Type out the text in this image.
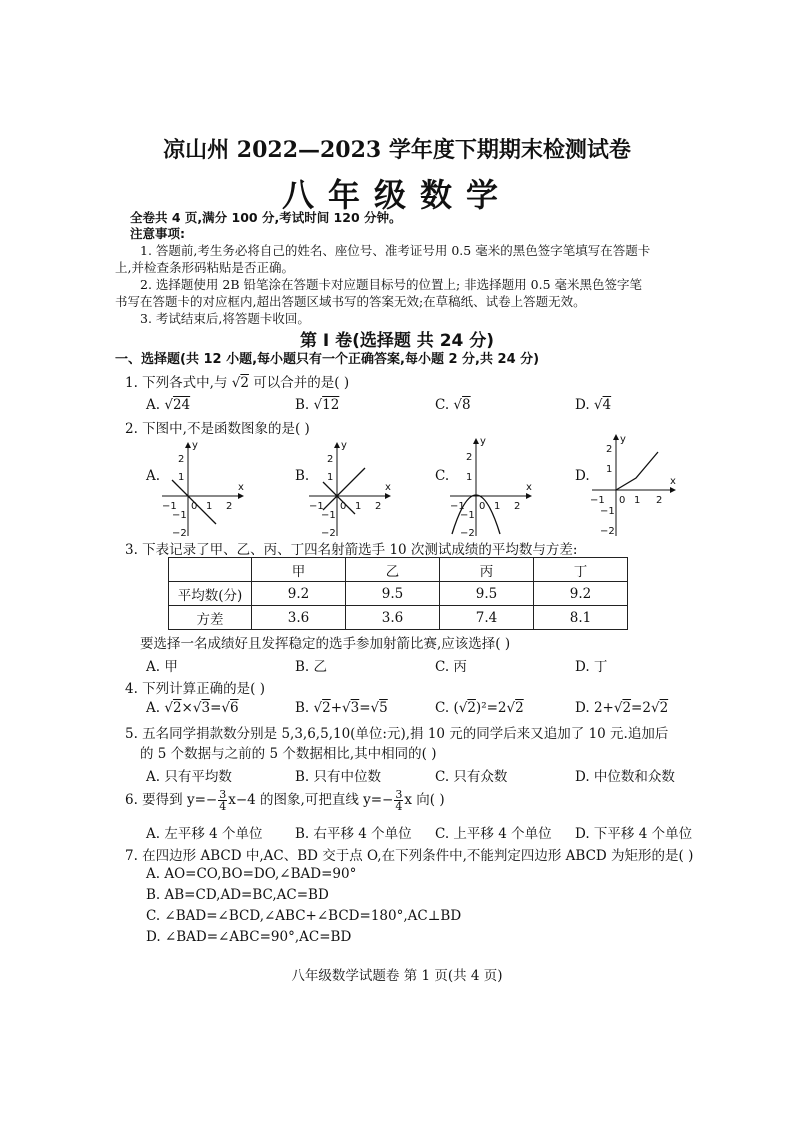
凉山州 2022—2023 学年度下期期末检测试卷
八年级数学
全卷共 4 页,满分 100 分,考试时间 120 分钟。
注意事项:
1. 答题前,考生务必将自己的姓名、座位号、准考证号用 0.5 毫米的黑色签字笔填写在答题卡
上,并检查条形码粘贴是否正确。
2. 选择题使用 2B 铅笔涂在答题卡对应题目标号的位置上; 非选择题用 0.5 毫米黑色签字笔
书写在答题卡的对应框内,超出答题区域书写的答案无效;在草稿纸、试卷上答题无效。
3. 考试结束后,将答题卡收回。
第 Ⅰ 卷(选择题 共 24 分)
一、选择题(共 12 小题,每小题只有一个正确答案,每小题 2 分,共 24 分)
1. 下列各式中,与 √2 可以合并的是( )
A. √24	B. √12	C. √8	D. √4
2. 下图中,不是函数图象的是( )
A.	B.	C.	D.
x
y
0 1 2
−1
1
2
−1
−2
x
y
0 1 2
−1
1
2
−1
−2
x
y
0 1 2
−1
1
2
−1
−2
x
y
0 1 2
−1
1
2
−1
−2
3. 下表记录了甲、乙、丙、丁四名射箭选手 10 次测试成绩的平均数与方差:
	甲	乙	丙	丁
平均数(分)	9.2	9.5	9.5	9.2
方差	3.6	3.6	7.4	8.1
要选择一名成绩好且发挥稳定的选手参加射箭比赛,应该选择( )
A. 甲	B. 乙	C. 丙	D. 丁
4. 下列计算正确的是( )
A. √2×√3=√6	B. √2+√3=√5	C. (√2)²=2√2	D. 2+√2=2√2
5. 五名同学捐款数分别是 5,3,6,5,10(单位:元),捐 10 元的同学后来又追加了 10 元.追加后
的 5 个数据与之前的 5 个数据相比,其中相同的( )
A. 只有平均数	B. 只有中位数	C. 只有众数	D. 中位数和众数
6. 要得到 $y=- \frac{3}{4} x-4$ 的图象,可把直线 $y=- \frac{3}{4}$ x 向( )
A. 左平移 4 个单位 B. 右平移 4 个单位 C. 上平移 4 个单位 D. 下平移 4 个单位
7. 在四边形 ABCD 中,AC、BD 交于点 O,在下列条件中,不能判定四边形 ABCD 为矩形的是( )
A. AO=CO,BO=DO,∠BAD=90°
B. AB=CD,AD=BC,AC=BD
C. ∠BAD=∠BCD,∠ABC+∠BCD=180°,AC⊥BD
D. ∠BAD=∠ABC=90°,AC=BD
八年级数学试题卷 第 1 页(共 4 页)
